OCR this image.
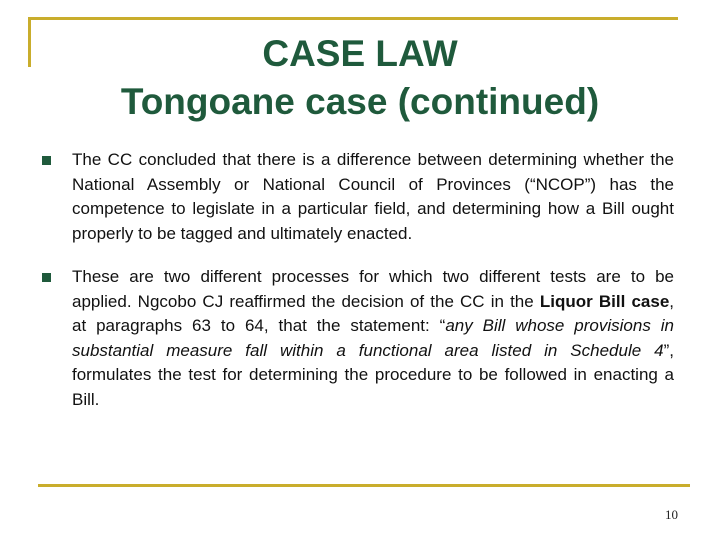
CASE LAW
Tongoane case (continued)
The CC concluded that there is a difference between determining whether the National Assembly or National Council of Provinces (“NCOP”) has the competence to legislate in a particular field, and determining how a Bill ought properly to be tagged and ultimately enacted.
These are two different processes for which two different tests are to be applied. Ngcobo CJ reaffirmed the decision of the CC in the Liquor Bill case, at paragraphs 63 to 64, that the statement: “any Bill whose provisions in substantial measure fall within a functional area listed in Schedule 4”, formulates the test for determining the procedure to be followed in enacting a Bill.
10
